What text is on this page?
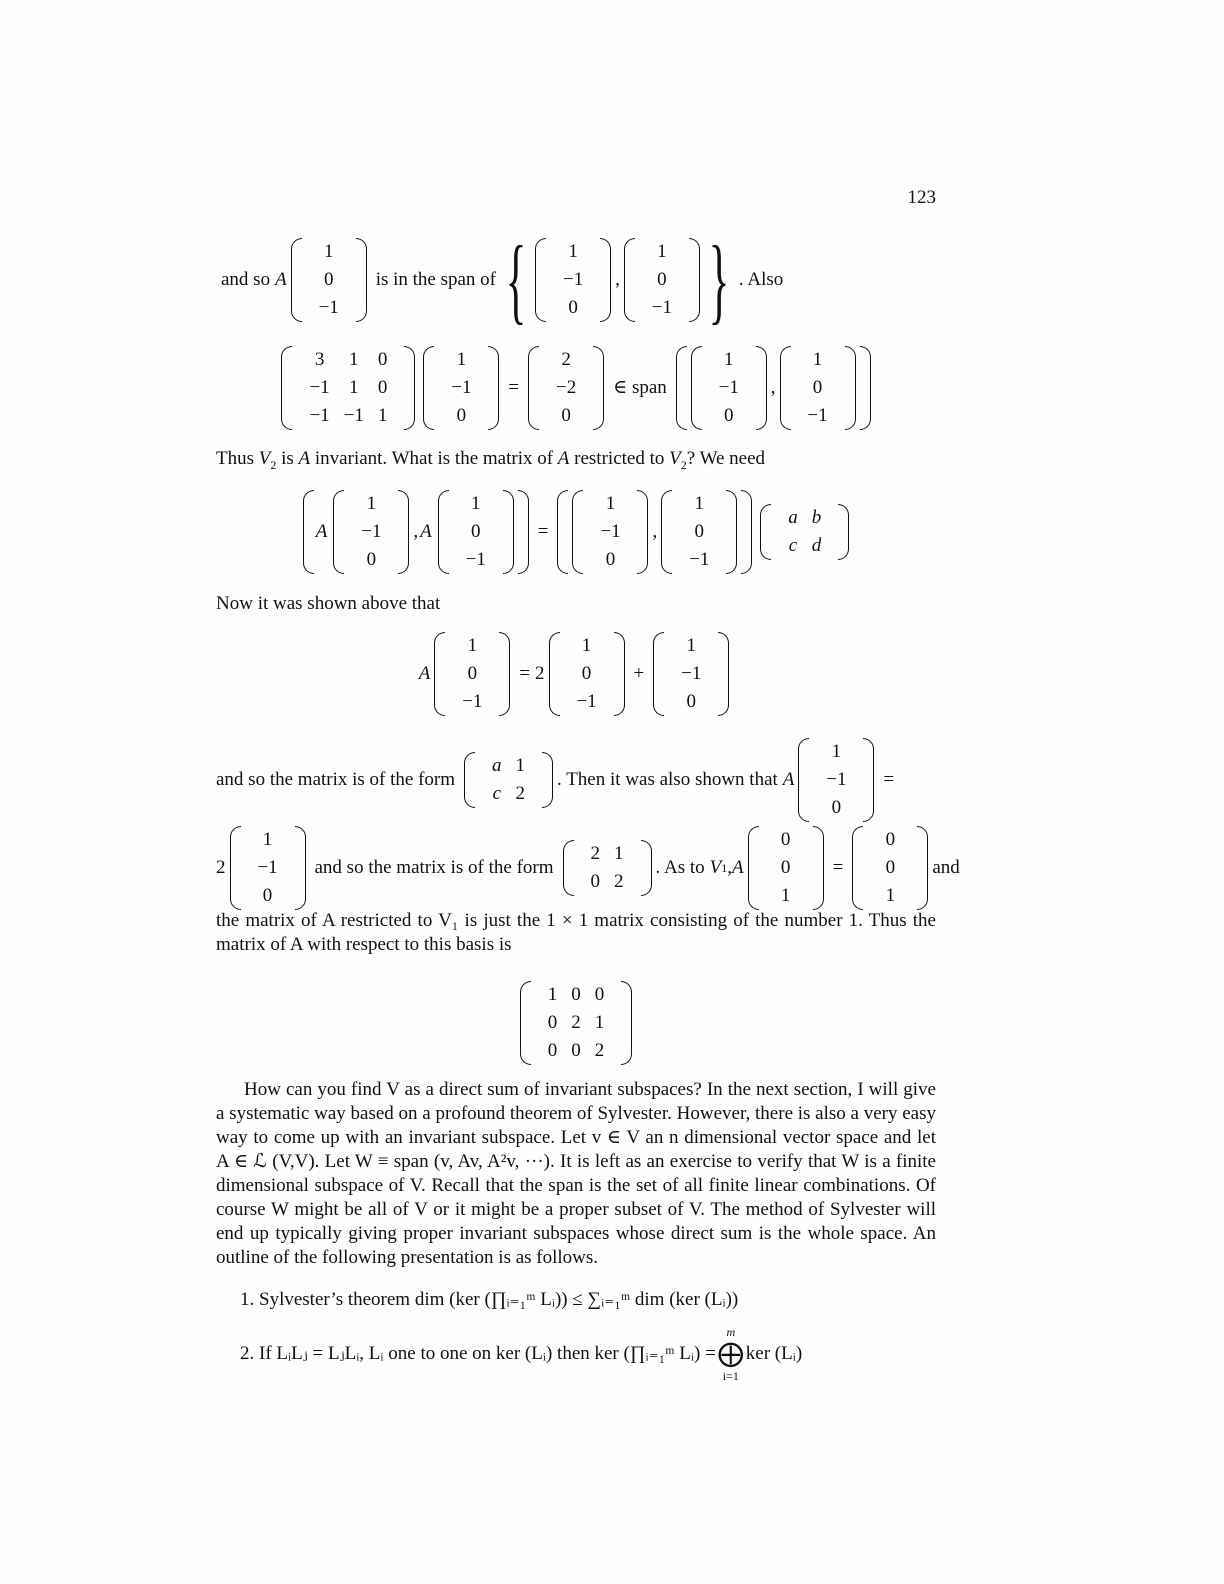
123
and so A
1
0
−1
is in the span of {	1
−1
0
,
1
0
−1 } . Also
3	1	0
−1	1	0
−1 −1 1
1
−1
0
=
2
−2
0
∈ span
1
−1
0
,
1
0
−1
Thus $V_2$ is A invariant. What is the matrix of A restricted to $V_2$? We need
A
1
−1
0
, A
1
0
−1
=
1
−1
0
,
1
0
−1
a b
c d
Now it was shown above that
A
1
0
−1
= 2
1
0
−1
+
1
−1
0
and so the matrix is of the form
a 1
c 2
. Then it was also shown that A
1
−1
0
=
2
1
−1
0
and so the matrix is of the form
2 1
0 2
. As to V 1 , A
0
0
1
=
0
0
1
and
the matrix of A restricted to V₁ is just the 1 × 1 matrix consisting of the number 1. Thus the matrix of A with respect to this basis is
1 0 0
0 2 1
0 0 2
How can you find V as a direct sum of invariant subspaces? In the next section, I will give a systematic way based on a profound theorem of Sylvester. However, there is also a very easy way to come up with an invariant subspace. Let v ∈ V an n dimensional vector space and let A ∈ ℒ (V,V). Let W ≡ span (v, Av, A²v, ···). It is left as an exercise to verify that W is a finite dimensional subspace of V. Recall that the span is the set of all finite linear combinations. Of course W might be all of V or it might be a proper subset of V. The method of Sylvester will end up typically giving proper invariant subspaces whose direct sum is the whole space. An outline of the following presentation is as follows.
1. Sylvester’s theorem dim (ker (∏ᵢ₌₁ᵐ Lᵢ)) ≤ ∑ᵢ₌₁ᵐ dim (ker (Lᵢ))
2.
If LᵢLⱼ = LⱼLᵢ, Lᵢ one to one on ker (Lᵢ) then ker (∏ᵢ₌₁ᵐ Lᵢ) =
m
⨁
i=1
ker (Lᵢ)
